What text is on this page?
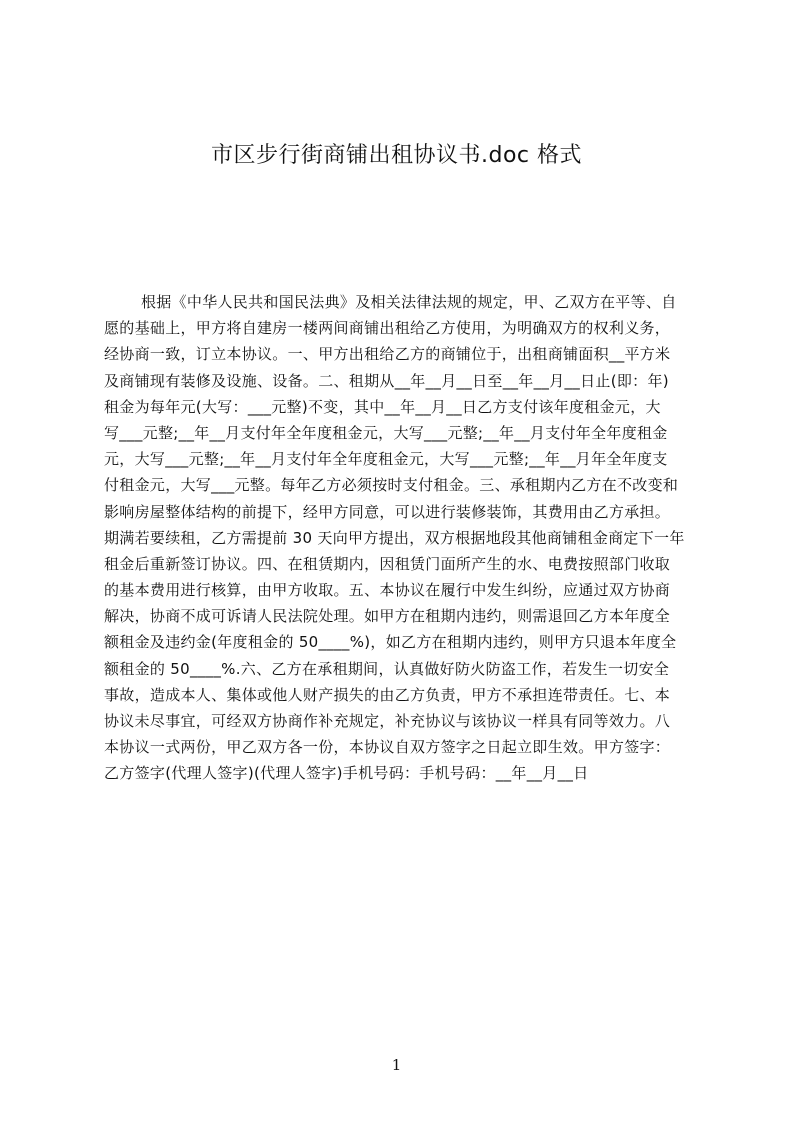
市区步行街商铺出租协议书.doc 格式
根据《中华人民共和国民法典》及相关法律法规的规定，甲、乙双方在平等、自
愿的基础上，甲方将自建房一楼两间商铺出租给乙方使用，为明确双方的权利义务，
经协商一致，订立本协议。一、甲方出租给乙方的商铺位于，出租商铺面积__平方米
及商铺现有装修及设施、设备。二、租期从__年__月__日至__年__月__日止(即：年)
租金为每年元(大写：___元整)不变，其中__年__月__日乙方支付该年度租金元，大
写___元整;__年__月支付年全年度租金元，大写___元整;__年__月支付年全年度租金
元，大写___元整;__年__月支付年全年度租金元，大写___元整;__年__月年全年度支
付租金元，大写___元整。每年乙方必须按时支付租金。三、承租期内乙方在不改变和
影响房屋整体结构的前提下，经甲方同意，可以进行装修装饰，其费用由乙方承担。
期满若要续租，乙方需提前 30 天向甲方提出，双方根据地段其他商铺租金商定下一年
租金后重新签订协议。四、在租赁期内，因租赁门面所产生的水、电费按照部门收取
的基本费用进行核算，由甲方收取。五、本协议在履行中发生纠纷，应通过双方协商
解决，协商不成可诉请人民法院处理。如甲方在租期内违约，则需退回乙方本年度全
额租金及违约金(年度租金的 50____%)，如乙方在租期内违约，则甲方只退本年度全
额租金的 50____%.六、乙方在承租期间，认真做好防火防盗工作，若发生一切安全
事故，造成本人、集体或他人财产损失的由乙方负责，甲方不承担连带责任。七、本
协议未尽事宜，可经双方协商作补充规定，补充协议与该协议一样具有同等效力。八
本协议一式两份，甲乙双方各一份，本协议自双方签字之日起立即生效。甲方签字：
乙方签字(代理人签字)(代理人签字)手机号码：手机号码：__年__月__日
1
